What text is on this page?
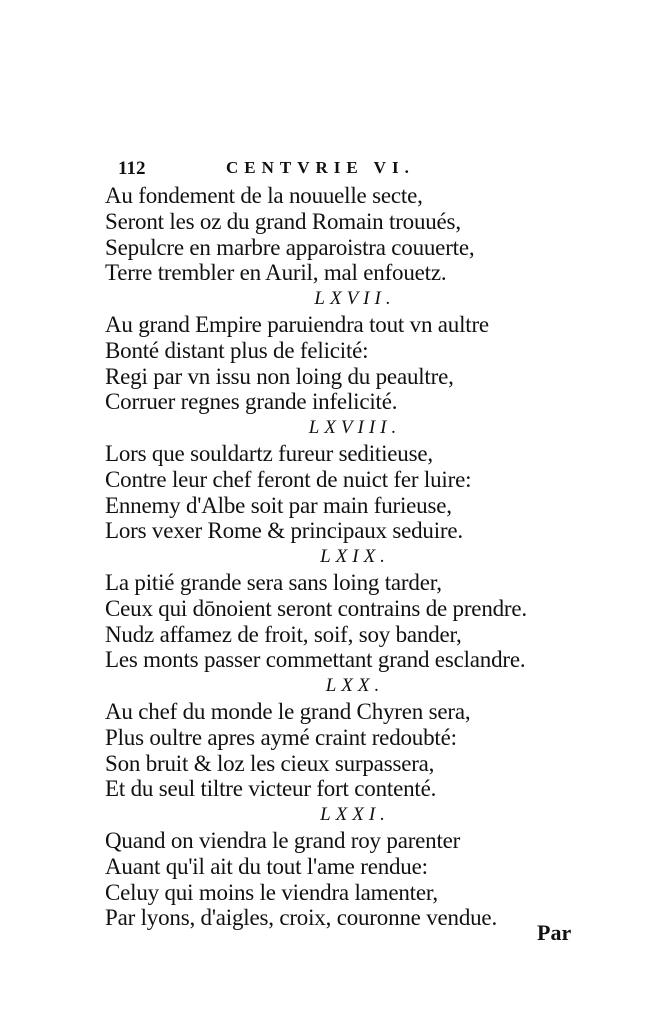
112	CENTVRIE VI.
Au fondement de la nouuelle secte,
Seront les oz du grand Romain trouués,
Sepulcre en marbre apparoistra couuerte,
Terre trembler en Auril, mal enfouetz.
LXVII.
Au grand Empire paruiendra tout vn aultre
Bonté distant plus de felicité:
Regi par vn issu non loing du peaultre,
Corruer regnes grande infelicité.
LXVIII.
Lors que souldartz fureur seditieuse,
Contre leur chef feront de nuict fer luire:
Ennemy d'Albe soit par main furieuse,
Lors vexer Rome & principaux seduire.
LXIX.
La pitié grande sera sans loing tarder,
Ceux qui dōnoient seront contrains de prendre.
Nudz affamez de froit, soif, soy bander,
Les monts passer commettant grand esclandre.
LXX.
Au chef du monde le grand Chyren sera,
Plus oultre apres aymé craint redoubté:
Son bruit & loz les cieux surpassera,
Et du seul tiltre victeur fort contenté.
LXXI.
Quand on viendra le grand roy parenter
Auant qu'il ait du tout l'ame rendue:
Celuy qui moins le viendra lamenter,
Par lyons, d'aigles, croix, couronne vendue.
Par
